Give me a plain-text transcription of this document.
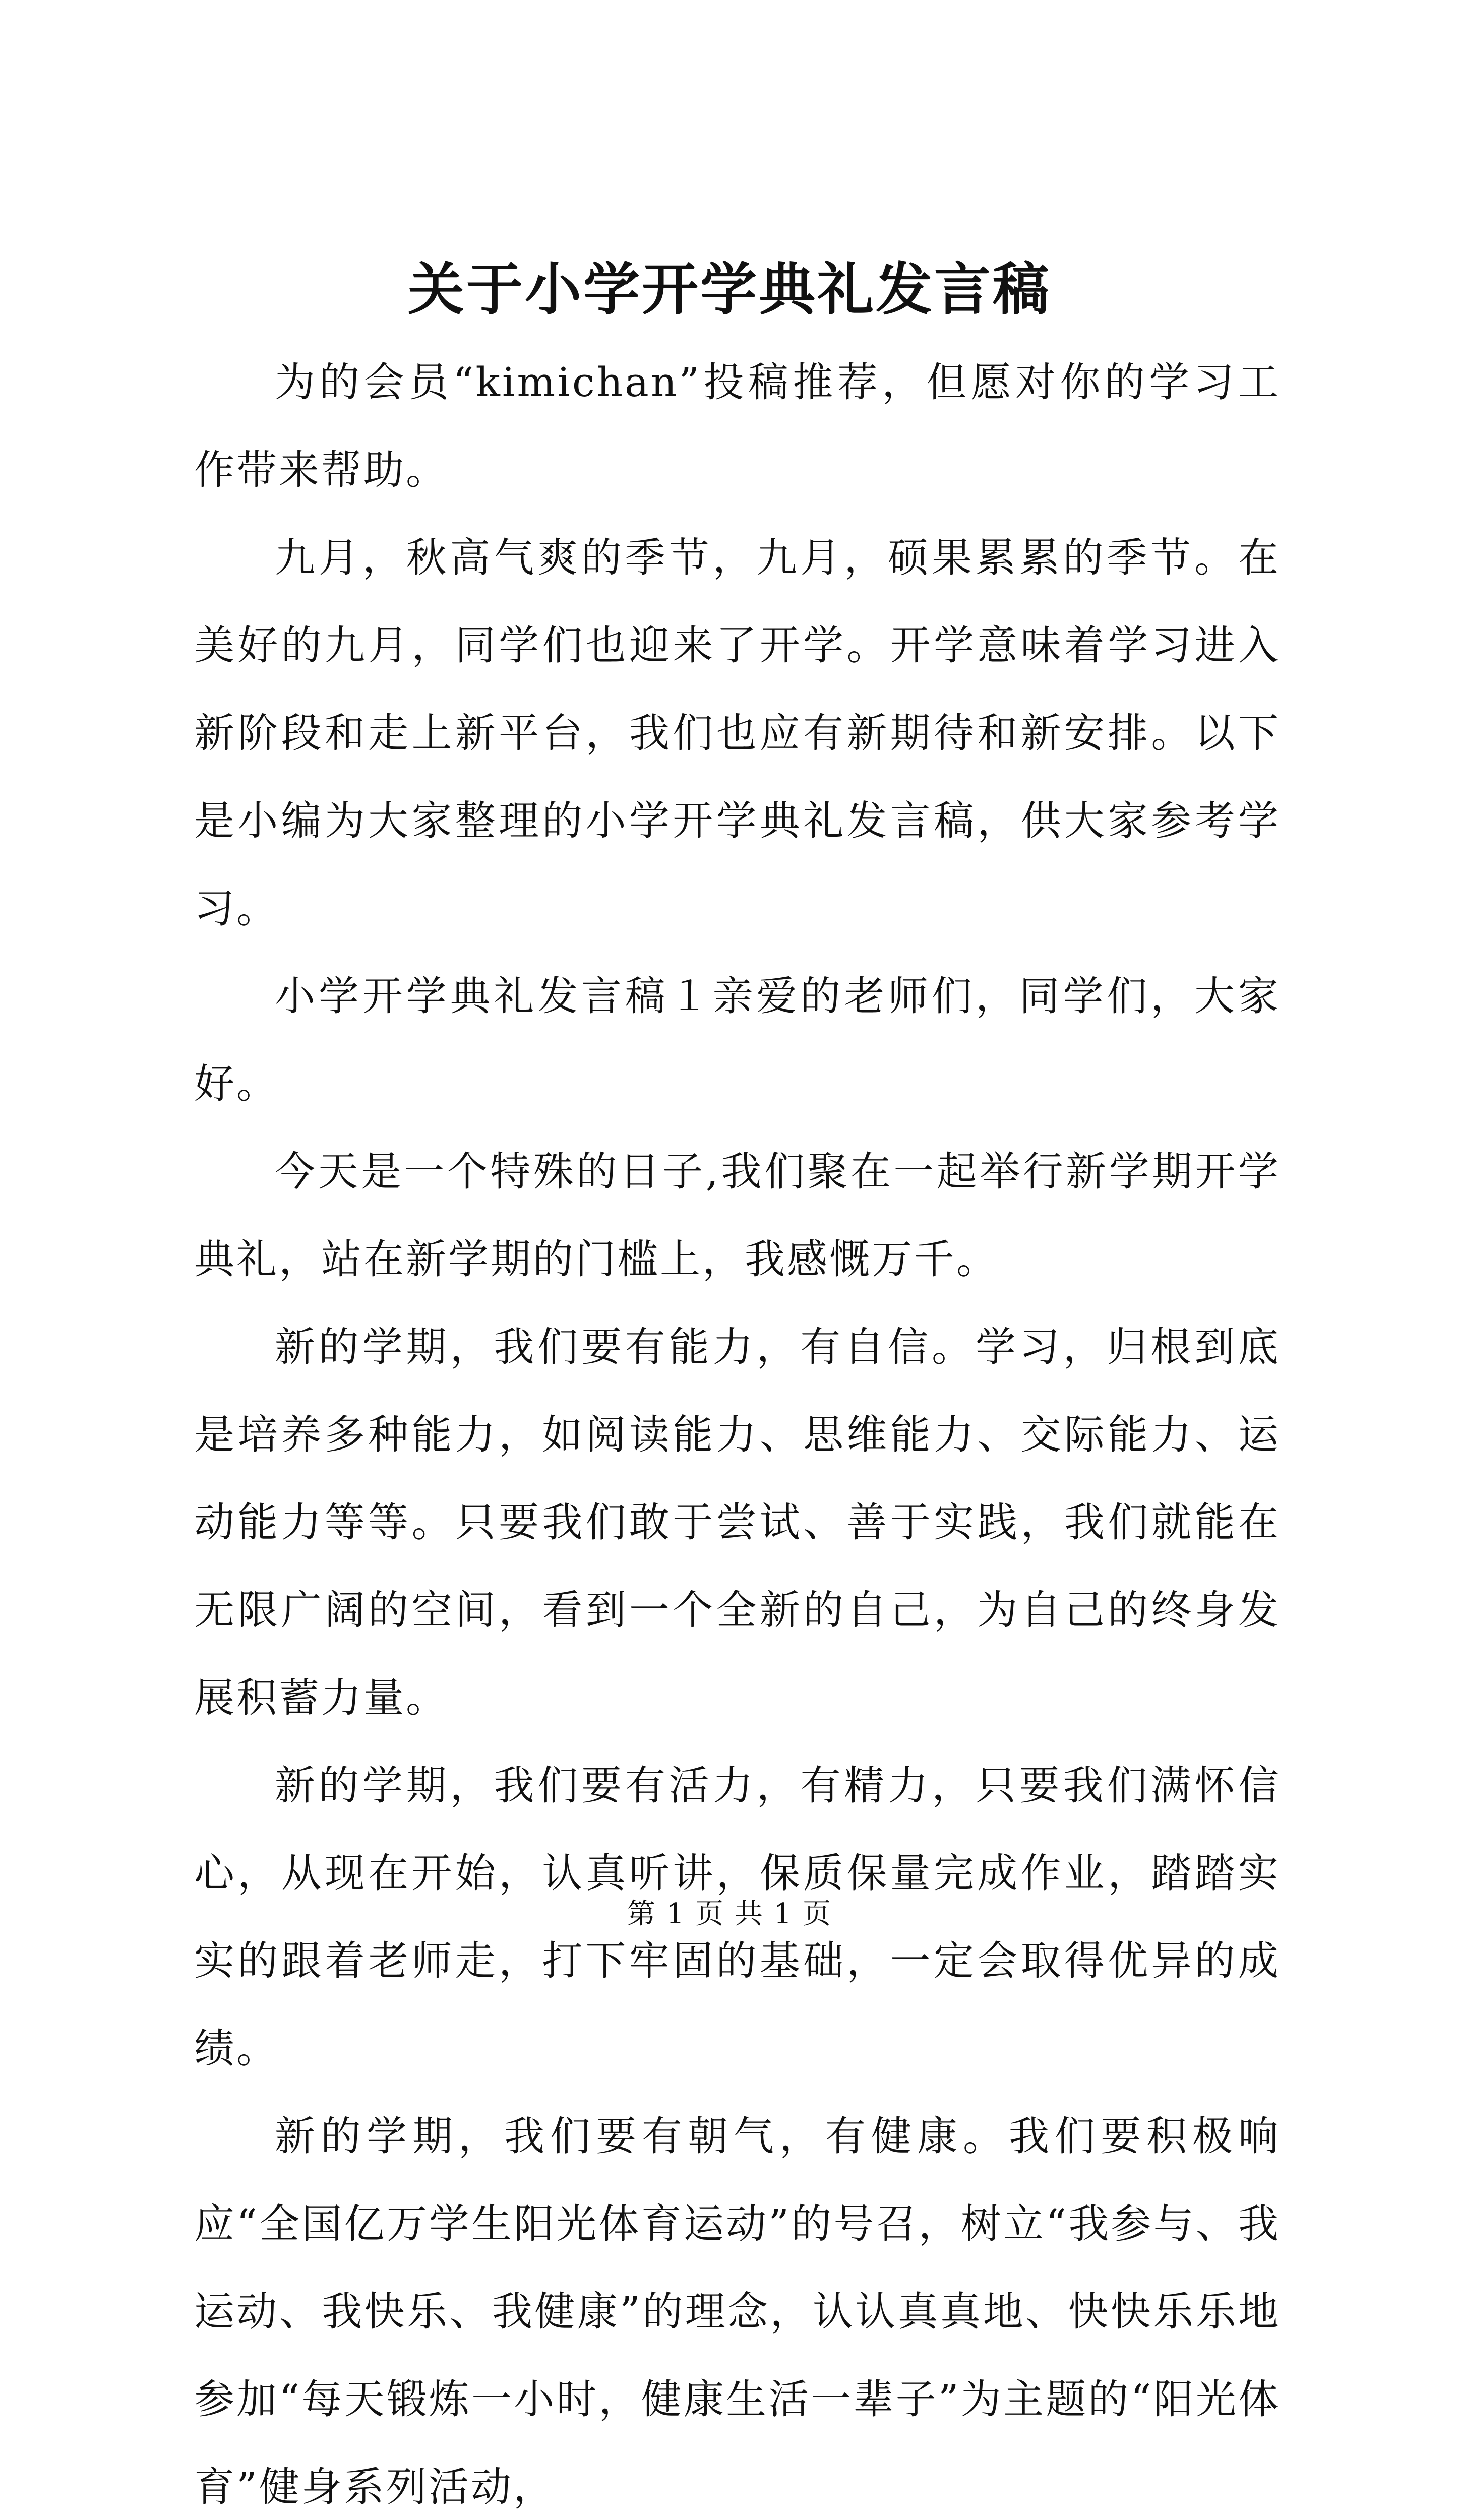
关于小学开学典礼发言稿

为的会员“kimichan”投稿推荐，但愿对你的学习工作带来帮助。

九月，秋高气爽的季节，九月，硕果累累的季节。在美好的九月，同学们也迎来了开学。开学意味着学习进入新阶段和走上新平台，我们也应有新期待和新安排。以下是小编为大家整理的小学开学典礼发言稿，供大家参考学习。

小学开学典礼发言稿１亲爱的老师们，同学们，大家好。

今天是一个特殊的日子,我们聚在一起举行新学期开学典礼，站在新学期的门槛上，我感慨万千。

新的学期，我们要有能力，有自信。学习，归根到底是培养多种能力，如阅读能力、思维能力、交际能力、运动能力等等。只要我们敢于尝试、善于实践，我们就能在无限广阔的空间，看到一个全新的自己，为自己的终身发展积蓄力量。

新的学期，我们要有活力，有精力，只要我们满怀信心，从现在开始，认真听讲，保质保量完成作业，踏踏实实的跟着老师走，打下牢固的基础，一定会取得优异的成绩。

新的学期，我们要有朝气，有健康。我们要积极响应“全国亿万学生阳光体育运动”的号召，树立“我参与、我运动、我快乐、我健康”的理念，认认真真地、快快乐乐地参加“每天锻炼一小时，健康生活一辈子”为主题的“阳光体育”健身系列活动，

第 1 页 共 1 页
